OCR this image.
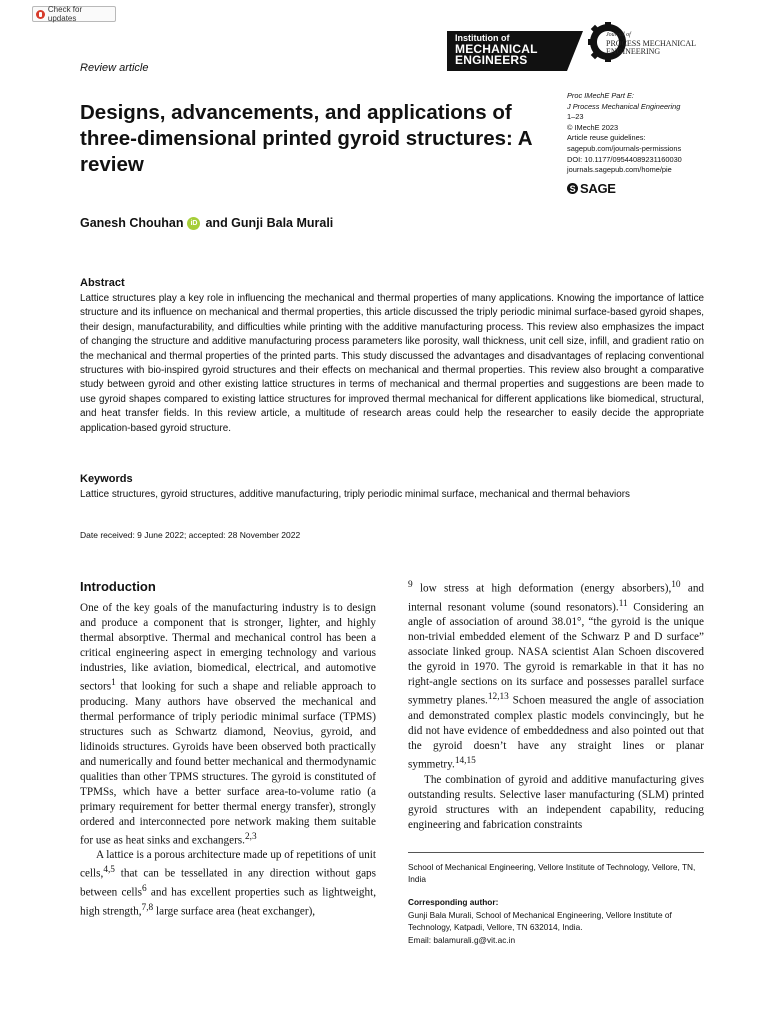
Check for updates
Review article
Institution of
MECHANICAL
ENGINEERS
Journal of
PROCESS MECHANICAL
ENGINEERING
Designs, advancements, and applications of three-dimensional printed gyroid structures: A review
Proc IMechE Part E:
J Process Mechanical Engineering
1–23
© IMechE 2023
Article reuse guidelines:
sagepub.com/journals-permissions
DOI: 10.1177/09544089231160030
journals.sagepub.com/home/pie
S SAGE
Ganesh Chouhan	iD and Gunji Bala Murali
Abstract

Lattice structures play a key role in influencing the mechanical and thermal properties of many applications. Knowing the importance of lattice structure and its influence on mechanical and thermal properties, this article discussed the triply periodic minimal surface-based gyroid shapes, their design, manufacturability, and difficulties while printing with the additive manufacturing process. This review also emphasizes the impact of changing the structure and additive manufacturing process parameters like porosity, wall thickness, unit cell size, infill, and gradient ratio on the mechanical and thermal properties of the printed parts. This study discussed the advantages and disadvantages of replacing conventional structures with bio-inspired gyroid structures and their effects on mechanical and thermal properties. This review also brought a comparative study between gyroid and other existing lattice structures in terms of mechanical and thermal properties and suggestions are been made to use gyroid shapes compared to existing lattice structures for improved thermal mechanical for different applications like biomedical, structural, and heat transfer fields. In this review article, a multitude of research areas could help the researcher to easily decide the appropriate application-based gyroid structure.

Keywords

Lattice structures, gyroid structures, additive manufacturing, triply periodic minimal surface, mechanical and thermal behaviors

Date received: 9 June 2022; accepted: 28 November 2022
Introduction

One of the key goals of the manufacturing industry is to design and produce a component that is stronger, lighter, and highly thermal absorptive. Thermal and mechanical control has been a critical engineering aspect in emerging technology and various industries, like aviation, biomedical, electrical, and automotive sectors$^1$ that looking for such a shape and reliable approach to producing. Many authors have observed the mechanical and thermal performance of triply periodic minimal surface (TPMS) structures such as Schwartz diamond, Neovius, gyroid, and lidinoids structures. Gyroids have been observed both practically and numerically and found better mechanical and thermodynamic qualities than other TPMS structures. The gyroid is constituted of TPMSs, which have a better surface area-to-volume ratio (a primary requirement for better thermal energy transfer), strongly ordered and interconnected pore network making them suitable for use as heat sinks and exchangers.$^{2,3}$

A lattice is a porous architecture made up of repetitions of unit cells,$^{4,5}$ that can be tessellated in any direction without gaps between cells$^6$ and has excellent properties such as lightweight, high strength,$^{7,8}$ large surface area (heat exchanger),

$^9$ low stress at high deformation (energy absorbers),$^{10}$ and internal resonant volume (sound resonators).$^{11}$ Considering an angle of association of around 38.01°, “the gyroid is the unique non-trivial embedded element of the Schwarz P and D surface” associate linked group. NASA scientist Alan Schoen discovered the gyroid in 1970. The gyroid is remarkable in that it has no right-angle sections on its surface and possesses parallel surface symmetry planes.$^{12,13}$ Schoen measured the angle of association and demonstrated complex plastic models convincingly, but he did not have evidence of embeddedness and also pointed out that the gyroid doesn’t have any straight lines or planar symmetry.$^{14,15}$

The combination of gyroid and additive manufacturing gives outstanding results. Selective laser manufacturing (SLM) printed gyroid structures with an independent capability, reducing engineering and fabrication constraints

School of Mechanical Engineering, Vellore Institute of Technology, Vellore, TN, India
Corresponding author:
Gunji Bala Murali, School of Mechanical Engineering, Vellore Institute of Technology, Katpadi, Vellore, TN 632014, India.
Email: balamurali.g@vit.ac.in
